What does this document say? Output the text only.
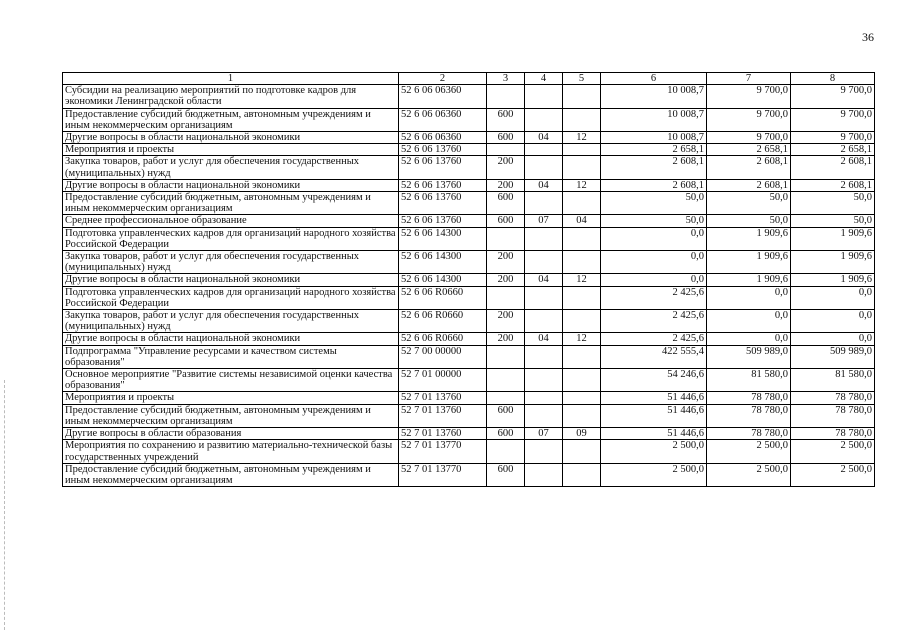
36
1	2	3	4	5	6	7	8
Субсидии на реализацию мероприятий по подготовке кадров для экономики Ленинградской области	52 6 06 06360				10 008,7	9 700,0	9 700,0
Предоставление субсидий бюджетным, автономным учреждениям и иным некоммерческим организациям	52 6 06 06360	600			10 008,7	9 700,0	9 700,0
Другие вопросы в области национальной экономики	52 6 06 06360	600	04	12	10 008,7	9 700,0	9 700,0
Мероприятия и проекты	52 6 06 13760				2 658,1	2 658,1	2 658,1
Закупка товаров, работ и услуг для обеспечения государственных (муниципальных) нужд	52 6 06 13760	200			2 608,1	2 608,1	2 608,1
Другие вопросы в области национальной экономики	52 6 06 13760	200	04	12	2 608,1	2 608,1	2 608,1
Предоставление субсидий бюджетным, автономным учреждениям и иным некоммерческим организациям	52 6 06 13760	600			50,0	50,0	50,0
Среднее профессиональное образование	52 6 06 13760	600	07	04	50,0	50,0	50,0
Подготовка управленческих кадров для организаций народного хозяйства Российской Федерации	52 6 06 14300				0,0	1 909,6	1 909,6
Закупка товаров, работ и услуг для обеспечения государственных (муниципальных) нужд	52 6 06 14300	200			0,0	1 909,6	1 909,6
Другие вопросы в области национальной экономики	52 6 06 14300	200	04	12	0,0	1 909,6	1 909,6
Подготовка управленческих кадров для организаций народного хозяйства Российской Федерации	52 6 06 R0660				2 425,6	0,0	0,0
Закупка товаров, работ и услуг для обеспечения государственных (муниципальных) нужд	52 6 06 R0660	200			2 425,6	0,0	0,0
Другие вопросы в области национальной экономики	52 6 06 R0660	200	04	12	2 425,6	0,0	0,0
Подпрограмма "Управление ресурсами и качеством системы образования"	52 7 00 00000				422 555,4	509 989,0	509 989,0
Основное мероприятие "Развитие системы независимой оценки качества образования"	52 7 01 00000				54 246,6	81 580,0	81 580,0
Мероприятия и проекты	52 7 01 13760				51 446,6	78 780,0	78 780,0
Предоставление субсидий бюджетным, автономным учреждениям и иным некоммерческим организациям	52 7 01 13760	600			51 446,6	78 780,0	78 780,0
Другие вопросы в области образования	52 7 01 13760	600	07	09	51 446,6	78 780,0	78 780,0
Мероприятия по сохранению и развитию материально-технической базы государственных учреждений	52 7 01 13770				2 500,0	2 500,0	2 500,0
Предоставление субсидий бюджетным, автономным учреждениям и иным некоммерческим организациям	52 7 01 13770	600			2 500,0	2 500,0	2 500,0
